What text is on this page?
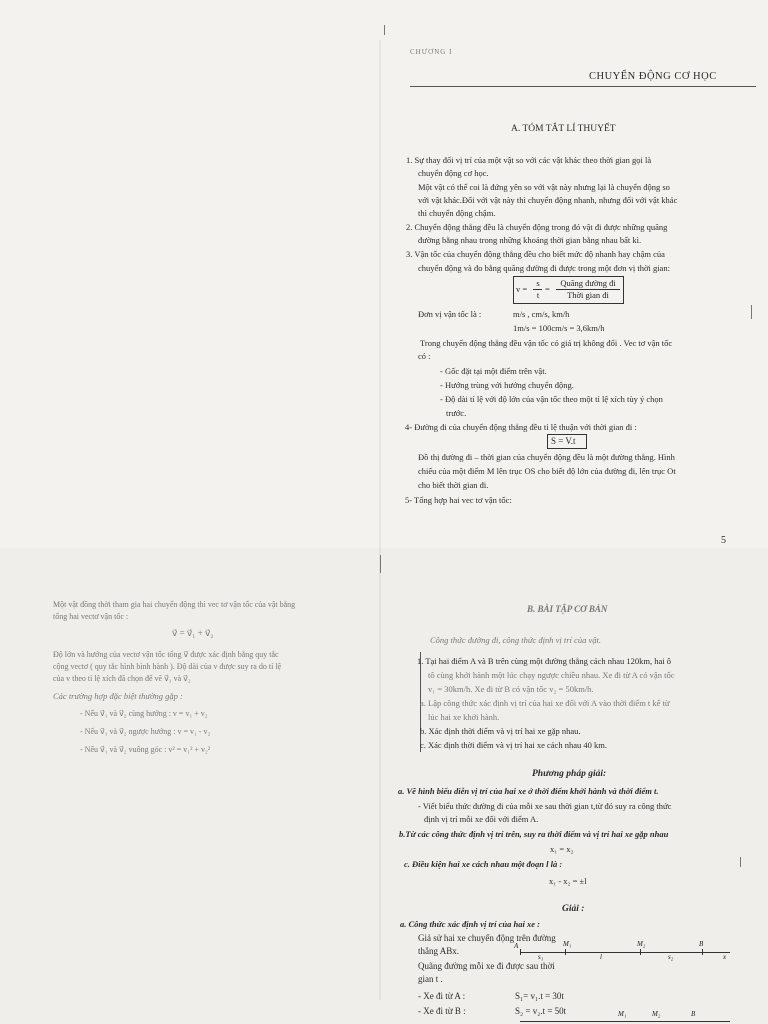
CHƯƠNG I
CHUYỂN ĐỘNG CƠ HỌC
A. TÓM TẮT LÍ THUYẾT
1. Sự thay đổi vị trí của một vật so với các vật khác theo thời gian gọi là
chuyển động cơ học.
Một vật có thể coi là đứng yên so với vật này nhưng lại là chuyển động so
với vật khác.Đối với vật này thì chuyển động nhanh, nhưng đối với vật khác
thì chuyển động chậm.
2. Chuyển động thẳng đều là chuyển động trong đó vật đi được những quãng
đường bằng nhau trong những khoảng thời gian bằng nhau bất kì.
3. Vận tốc của chuyển động thẳng đều cho biết mức độ nhanh hay chậm của
chuyển động và đo bằng quãng đường đi được trong một đơn vị thời gian:
v =
s
t
=
Quãng đường đi
Thời gian đi
Đơn vị vận tốc là :	m/s , cm/s, km/h
1m/s = 100cm/s = 3,6km/h
Trong chuyển động thẳng đều vận tốc có giá trị không đổi . Vec tơ vận tốc
có :
- Gốc đặt tại một điểm trên vật.
- Hướng trùng với hướng chuyển động.
- Độ dài tỉ lệ với độ lớn của vận tốc theo một tỉ lệ xích tùy ý chọn
trước.
4- Đường đi của chuyển động thẳng đều tỉ lệ thuận với thời gian đi :
S = V.t
Đồ thị đường đi – thời gian của chuyển động đều là một đường thẳng. Hình
chiếu của một điểm M lên trục OS cho biết độ lớn của đường đi, lên trục Ot
cho biết thời gian đi.
5- Tổng hợp hai vec tơ vận tốc:
5
Một vật đồng thời tham gia hai chuyển động thì vec tơ vận tốc của vật bằng
tổng hai vectơ vận tốc :
v⃗ = v⃗₁ + v⃗₂
Độ lớn và hướng của vectơ vận tốc tổng v⃗ được xác định bằng quy tắc
cộng vectơ ( quy tắc hình bình hành ). Độ dài của v được suy ra do tỉ lệ
của v theo tỉ lệ xích đã chọn để vẽ v⃗₁ và v⃗₂
Các trường hợp đặc biệt thường gặp :
- Nếu v⃗₁ và v⃗₂ cùng hướng : v = v₁ + v₂
- Nếu v⃗₁ và v⃗₂ ngược hướng : v = v₁ - v₂
- Nếu v⃗₁ và v⃗₂ vuông góc : v² = v₁² + v₂²
B. BÀI TẬP CƠ BẢN
Công thức đường đi, công thức định vị trí của vật.
1. Tại hai điểm A và B trên cùng một đường thẳng cách nhau 120km, hai ô
tô cùng khởi hành một lúc chạy ngược chiều nhau. Xe đi từ A có vận tốc
v₁ = 30km/h. Xe đi từ B có vận tốc v₂ = 50km/h.
a. Lập công thức xác định vị trí của hai xe đối với A vào thời điểm t kể từ
lúc hai xe khởi hành.
b. Xác định thời điểm và vị trí hai xe gặp nhau.
c. Xác định thời điểm và vị trí hai xe cách nhau 40 km.
Phương pháp giải:
a. Vẽ hình biểu diễn vị trí của hai xe ở thời điểm khởi hành và thời điểm t.
- Viết biểu thức đường đi của mỗi xe sau thời gian t,từ đó suy ra công thức
định vị trí mỗi xe đối với điểm A.
b.Từ các công thức định vị trí trên, suy ra thời điểm và vị trí hai xe gặp nhau
x₁ = x₂
c. Điều kiện hai xe cách nhau một đoạn l là :
x₁ - x₂ = ±l
Giải :
a. Công thức xác định vị trí của hai xe :
Giả sử hai xe chuyển động trên đường
thẳng ABx.
Quãng đường mỗi xe đi được sau thời
gian t .
- Xe đi từ A :	S₁= v₁.t = 30t
- Xe đi từ B :	S₂ = v₂.t = 50t
A	M₁	M₂	B
x
s₁	l	s₂
M₁	M₂	B
